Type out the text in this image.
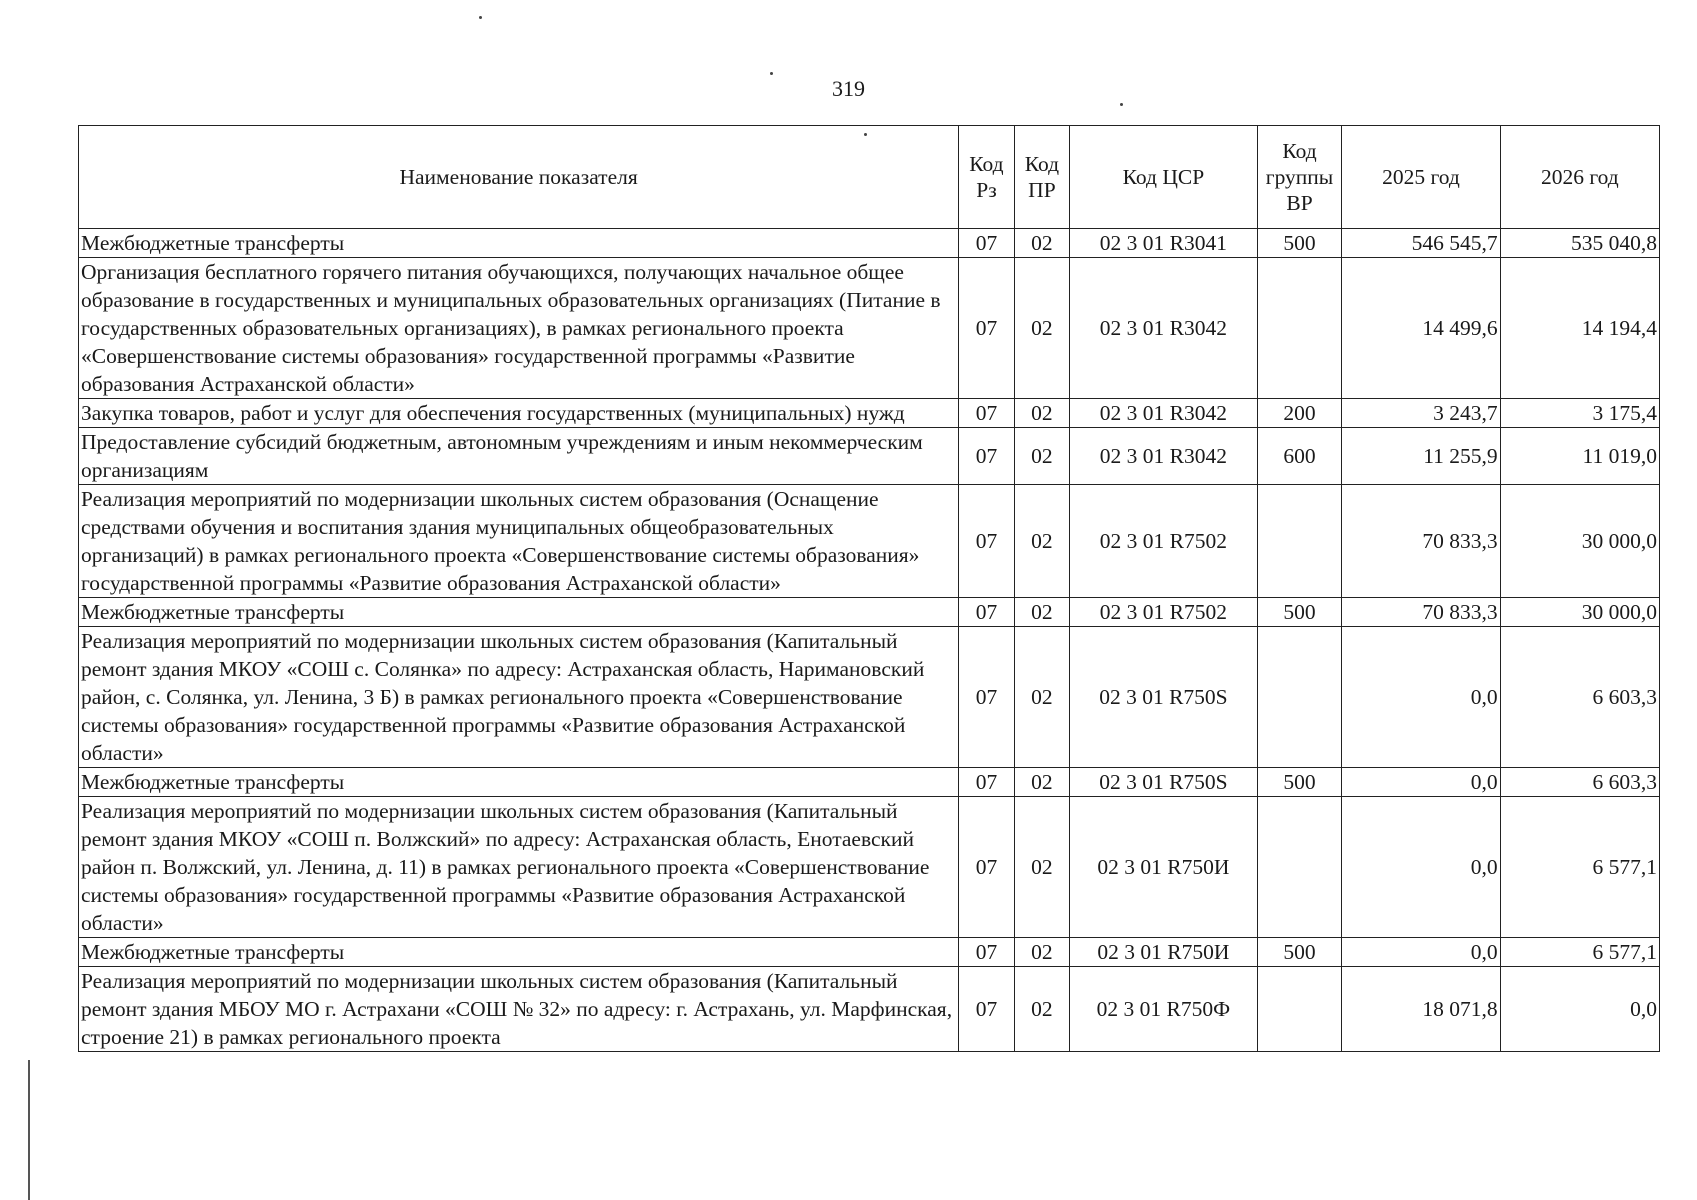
319
Наименование показателя	Код Рз	Код ПР	Код ЦСР	Код группы ВР	2025 год	2026 год
Межбюджетные трансферты	07	02	02 3 01 R3041	500	546 545,7	535 040,8
Организация бесплатного горячего питания обучающихся, получающих начальное общее образование в государственных и муниципальных образовательных организациях (Питание в государственных образовательных организациях), в рамках регионального проекта «Совершенствование системы образования» государственной программы «Развитие образования Астраханской области»	07	02	02 3 01 R3042		14 499,6	14 194,4
Закупка товаров, работ и услуг для обеспечения государственных (муниципальных) нужд	07	02	02 3 01 R3042	200	3 243,7	3 175,4
Предоставление субсидий бюджетным, автономным учреждениям и иным некоммерческим организациям	07	02	02 3 01 R3042	600	11 255,9	11 019,0
Реализация мероприятий по модернизации школьных систем образования (Оснащение средствами обучения и воспитания здания муниципальных общеобразовательных организаций) в рамках регионального проекта «Совершенствование системы образования» государственной программы «Развитие образования Астраханской области»	07	02	02 3 01 R7502		70 833,3	30 000,0
Межбюджетные трансферты	07	02	02 3 01 R7502	500	70 833,3	30 000,0
Реализация мероприятий по модернизации школьных систем образования (Капитальный ремонт здания МКОУ «СОШ с. Солянка» по адресу: Астраханская область, Наримановский район, с. Солянка, ул. Ленина, 3 Б) в рамках регионального проекта «Совершенствование системы образования» государственной программы «Развитие образования Астраханской области»	07	02	02 3 01 R750S		0,0	6 603,3
Межбюджетные трансферты	07	02	02 3 01 R750S	500	0,0	6 603,3
Реализация мероприятий по модернизации школьных систем образования (Капитальный ремонт здания МКОУ «СОШ п. Волжский» по адресу: Астраханская область, Енотаевский район п. Волжский, ул. Ленина, д. 11) в рамках регионального проекта «Совершенствование системы образования» государственной программы «Развитие образования Астраханской области»	07	02	02 3 01 R750И		0,0	6 577,1
Межбюджетные трансферты	07	02	02 3 01 R750И	500	0,0	6 577,1
Реализация мероприятий по модернизации школьных систем образования (Капитальный ремонт здания МБОУ МО г. Астрахани «СОШ № 32» по адресу: г. Астрахань, ул. Марфинская, строение 21) в рамках регионального проекта	07	02	02 3 01 R750Ф		18 071,8	0,0
